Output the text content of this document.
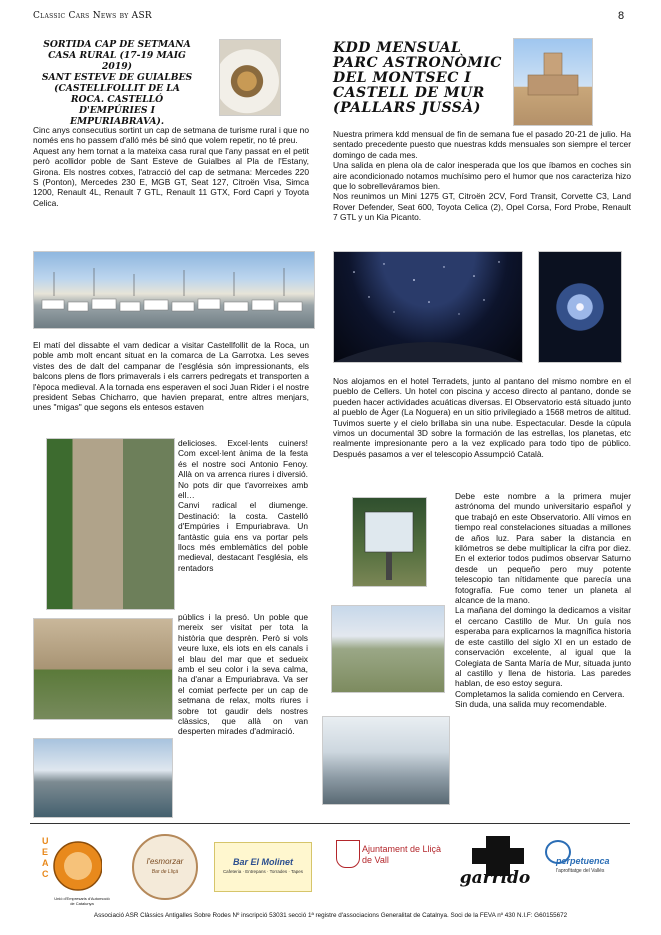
Classic Cars News by ASR	8
SORTIDA CAP DE SETMANA
CASA RURAL (17-19 MAIG
2019)
SANT ESTEVE DE GUIALBES
(CASTELLFOLLIT DE LA
ROCA. CASTELLÓ
D'EMPÚRIES I
EMPURIABRAVA).
Cinc anys consecutius sortint un cap de setmana de turisme rural i que no només ens ho passem d'alló més bé sinó que volem repetir, no té preu.
Aquest any hem tornat a la mateixa casa rural que l'any passat en el petit però acollidor poble de Sant Esteve de Guialbes al Pla de l'Estany, Girona. Els nostres cotxes, l'atracció del cap de setmana: Mercedes 220 S (Ponton), Mercedes 230 E, MGB GT, Seat 127, Citroën Visa, Simca 1200, Renault 4L, Renault 7 GTL, Renault 11 GTX, Ford Capri y Toyota Celica.
El matí del dissabte el vam dedicar a visitar Castellfollit de la Roca, un poble amb molt encant situat en la comarca de La Garrotxa. Les seves vistes des de dalt del campanar de l'església són impressionants, els balcons plens de flors primaverals i els carrers pedregats et transporten a l'època medieval. A la tornada ens esperaven el soci Juan Rider i el nostre president Sebas Chicharro, que havien preparat, entre altres menjars, unes "migas" que segons els entesos estaven
delicioses. Excel·lents cuiners! Com excel·lent ànima de la festa és el nostre soci Antonio Fenoy. Allà on va arrenca riures i diversió. No pots dir que t'avorreixes amb ell…
Canvi radical el diumenge. Destinació: la costa. Castelló d'Empúries i Empuriabrava. Un fantàstic guia ens va portar pels llocs més emblemàtics del poble medieval, destacant l'església, els rentadors
públics i la presó. Un poble que mereix ser visitat per tota la història que desprèn. Però si vols veure luxe, els iots en els canals i el blau del mar que et sedueix amb el seu color i la seva calma, ha d'anar a Empuriabrava. Va ser el comiat perfecte per un cap de setmana de relax, molts riures i sobre tot gaudir dels nostres clàssics, que allà on van desperten mirades d'admiració.
KDD MENSUAL
PARC ASTRONÒMIC
DEL MONTSEC I
CASTELL DE MUR
(PALLARS JUSSÀ)
Nuestra primera kdd mensual de fin de semana fue el pasado 20-21 de julio. Ha sentado precedente puesto que nuestras kdds mensuales son siempre el tercer domingo de cada mes.
Una salida en plena ola de calor inesperada que los que íbamos en coches sin aire acondicionado notamos muchísimo pero el humor que nos caracteriza hizo que lo sobrelleváramos bien.
Nos reunimos un Mini 1275 GT, Citroën 2CV, Ford Transit, Corvette C3, Land Rover Defender, Seat 600, Toyota Celica (2), Opel Corsa, Ford Probe, Renault 7 GTL y un Kia Picanto.
Nos alojamos en el hotel Terradets, junto al pantano del mismo nombre en el pueblo de Cellers. Un hotel con piscina y acceso directo al pantano, donde se pueden hacer actividades acuáticas diversas. El Observatorio está situado junto al pueblo de Àger (La Noguera) en un sitio privilegiado a 1568 metros de altitud. Tuvimos suerte y el cielo brillaba sin una nube. Espectacular. Desde la cúpula vimos un documental 3D sobre la formación de las estrellas, los planetas, etc realmente impresionante pero a la vez explicado para todo tipo de público. Después pasamos a ver el telescopio Assumpció Català.
Debe este nombre a la primera mujer astrónoma del mundo universitario español y que trabajó en este Observatorio. Allí vimos en tiempo real constelaciones situadas a millones de años luz. Para saber la distancia en kilómetros se debe multiplicar la cifra por diez. En el exterior todos pudimos observar Saturno desde un pequeño pero muy potente telescopio tan nítidamente que parecía una fotografía. Fue como tener un planeta al alcance de la mano.
La mañana del domingo la dedicamos a visitar el cercano Castillo de Mur. Un guía nos esperaba para explicarnos la magnífica historia de este castillo del siglo XI en un estado de conservación excelente, al igual que la Colegiata de Santa María de Mur, situada junto al castillo y llena de historia. Las paredes hablan, de eso estoy segura.
Completamos la salida comiendo en Cervera.
Sin duda, una salida muy recomendable.
UEAC
Unió d'Empresaris d'Automoció de Catalunya
l'esmorzar
Bar de Lliçà
Bar El Molinet
Cafeteria · Entrepans · Torrades · Tapes
Ajuntament de Lliçà de Vall
garrido
perpetuenca
l'aprofitatge del Vallès
Associació ASR Clàssics Antigalles Sobre Rodes Nº inscripció 53031 secció 1ª registre d'associacions Generalitat de Catalnya. Soci de la FEVA nº 430 N.I.F: G60155672
